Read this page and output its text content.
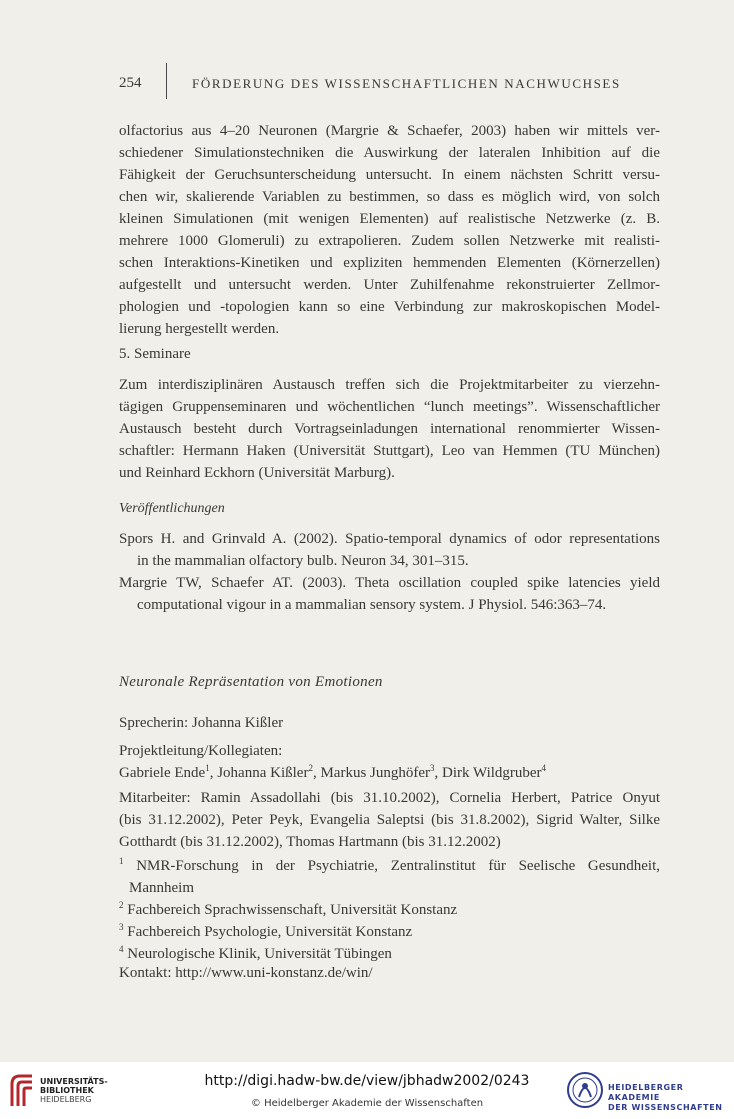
254	FÖRDERUNG DES WISSENSCHAFTLICHEN NACHWUCHSES
olfactorius aus 4–20 Neuronen (Margrie & Schaefer, 2003) haben wir mittels ver-
schiedener Simulationstechniken die Auswirkung der lateralen Inhibition auf die
Fähigkeit der Geruchsunterscheidung untersucht. In einem nächsten Schritt versu-
chen wir, skalierende Variablen zu bestimmen, so dass es möglich wird, von solch
kleinen Simulationen (mit wenigen Elementen) auf realistische Netzwerke (z. B.
mehrere 1000 Glomeruli) zu extrapolieren. Zudem sollen Netzwerke mit realisti-
schen Interaktions-Kinetiken und expliziten hemmenden Elementen (Körnerzellen)
aufgestellt und untersucht werden. Unter Zuhilfenahme rekonstruierter Zellmor-
phologien und -topologien kann so eine Verbindung zur makroskopischen Model-
lierung hergestellt werden.
5. Seminare
Zum interdisziplinären Austausch treffen sich die Projektmitarbeiter zu vierzehn-
tägigen Gruppenseminaren und wöchentlichen “lunch meetings”. Wissenschaftlicher
Austausch besteht durch Vortragseinladungen international renommierter Wissen-
schaftler: Hermann Haken (Universität Stuttgart), Leo van Hemmen (TU München)
und Reinhard Eckhorn (Universität Marburg).
Veröffentlichungen
Spors H. and Grinvald A. (2002). Spatio-temporal dynamics of odor representations
in the mammalian olfactory bulb. Neuron 34, 301–315.
Margrie TW, Schaefer AT. (2003). Theta oscillation coupled spike latencies yield
computational vigour in a mammalian sensory system. J Physiol. 546:363–74.
Neuronale Repräsentation von Emotionen
Sprecherin: Johanna Kißler
Projektleitung/Kollegiaten:
Gabriele Ende$^1$, Johanna Kißler$^2$, Markus Junghöfer$^3$, Dirk Wildgruber$^4$
Mitarbeiter: Ramin Assadollahi (bis 31.10.2002), Cornelia Herbert, Patrice Onyut
(bis 31.12.2002), Peter Peyk, Evangelia Saleptsi (bis 31.8.2002), Sigrid Walter, Silke
Gotthardt (bis 31.12.2002), Thomas Hartmann (bis 31.12.2002)
$^1$ NMR-Forschung in der Psychiatrie, Zentralinstitut für Seelische Gesundheit,
Mannheim
$^2$ Fachbereich Sprachwissenschaft, Universität Konstanz
$^3$ Fachbereich Psychologie, Universität Konstanz
$^4$ Neurologische Klinik, Universität Tübingen
Kontakt: http://www.uni-konstanz.de/win/
UNIVERSITÄTS-
BIBLIOTHEK
HEIDELBERG
http://digi.hadw-bw.de/view/jbhadw2002/0243
© Heidelberger Akademie der Wissenschaften
HEIDELBERGER AKADEMIE
DER WISSENSCHAFTEN
